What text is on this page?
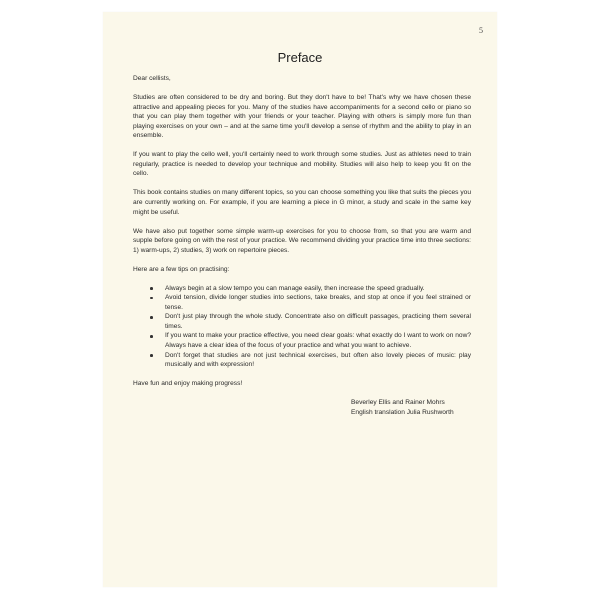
5
Preface

Dear cellists,

Studies are often considered to be dry and boring. But they don't have to be! That's why we have chosen these attractive and appealing pieces for you. Many of the studies have accompaniments for a second cello or piano so that you can play them together with your friends or your teacher. Playing with others is simply more fun than playing exercises on your own – and at the same time you'll develop a sense of rhythm and the ability to play in an ensemble.

If you want to play the cello well, you'll certainly need to work through some studies. Just as athletes need to train regularly, practice is needed to develop your technique and mobility. Studies will also help to keep you fit on the cello.

This book contains studies on many different topics, so you can choose something you like that suits the pieces you are currently working on. For example, if you are learning a piece in G minor, a study and scale in the same key might be useful.

We have also put together some simple warm-up exercises for you to choose from, so that you are warm and supple before going on with the rest of your practice. We recommend dividing your practice time into three sections: 1) warm-ups, 2) studies, 3) work on repertoire pieces.

Here are a few tips on practising:

Always begin at a slow tempo you can manage easily, then increase the speed gradually.
Avoid tension, divide longer studies into sections, take breaks, and stop at once if you feel strained or tense.
Don't just play through the whole study. Concentrate also on difficult passages, practicing them several times.
If you want to make your practice effective, you need clear goals: what exactly do I want to work on now? Always have a clear idea of the focus of your practice and what you want to achieve.
Don't forget that studies are not just technical exercises, but often also lovely pieces of music: play musically and with expression!

Have fun and enjoy making progress!

Beverley Ellis and Rainer Mohrs
English translation Julia Rushworth
